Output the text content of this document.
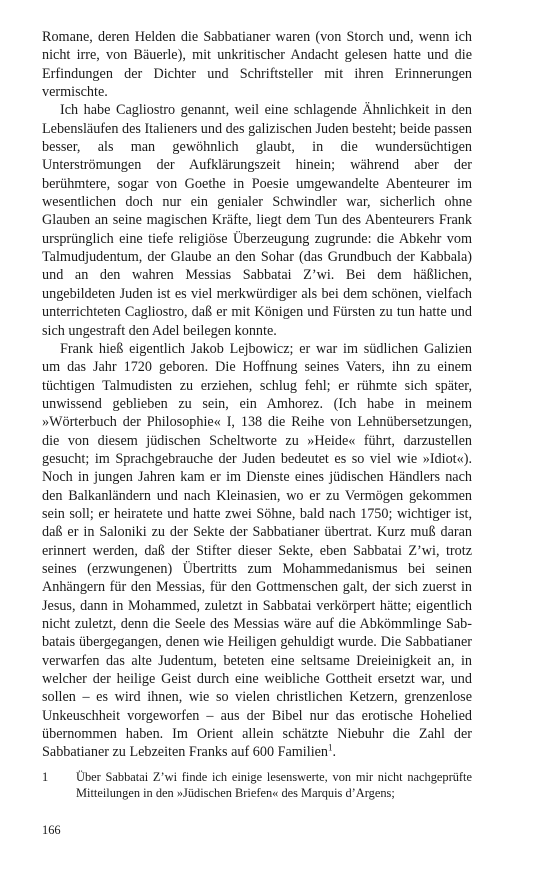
Romane, deren Helden die Sabbatianer waren (von Storch und, wenn ich nicht irre, von Bäuerle), mit unkritischer Andacht gelesen hatte und die Erfindungen der Dichter und Schriftsteller mit ihren Erinnerungen vermischte.

Ich habe Cagliostro genannt, weil eine schlagende Ähnlichkeit in den Lebensläufen des Italieners und des galizischen Juden besteht; beide passen besser, als man gewöhnlich glaubt, in die wundersüchtigen Unterströmungen der Aufklärungszeit hinein; während aber der berühmtere, sogar von Goethe in Poesie umgewandelte Abenteurer im wesentlichen doch nur ein genialer Schwindler war, sicherlich ohne Glauben an seine magischen Kräfte, liegt dem Tun des Abenteurers Frank ursprünglich eine tiefe religiöse Überzeugung zugrunde: die Abkehr vom Talmudjudentum, der Glaube an den Sohar (das Grundbuch der Kabbala) und an den wahren Messias Sabbatai Z’wi. Bei dem häßlichen, ungebildeten Juden ist es viel merkwürdiger als bei dem schönen, vielfach unterrichteten Cagliostro, daß er mit Königen und Fürsten zu tun hatte und sich ungestraft den Adel beilegen konnte.

Frank hieß eigentlich Jakob Lejbowicz; er war im südlichen Galizien um das Jahr 1720 geboren. Die Hoffnung seines Vaters, ihn zu einem tüchtigen Talmudisten zu erziehen, schlug fehl; er rühmte sich später, unwissend geblieben zu sein, ein Amhorez. (Ich habe in meinem »Wörterbuch der Philosophie« I, 138 die Reihe von Lehnübersetzungen, die von diesem jüdischen Scheltworte zu »Heide« führt, darzustellen gesucht; im Sprachgebrauche der Juden bedeutet es so viel wie »Idiot«). Noch in jungen Jahren kam er im Dienste eines jüdischen Händlers nach den Balkanländern und nach Kleinasien, wo er zu Vermögen gekommen sein soll; er heiratete und hatte zwei Söhne, bald nach 1750; wichtiger ist, daß er in Saloniki zu der Sekte der Sabbatianer übertrat. Kurz muß daran erinnert werden, daß der Stifter dieser Sekte, eben Sabbatai Z’wi, trotz seines (erzwungenen) Übertritts zum Mohammedanismus bei seinen Anhängern für den Messias, für den Gottmenschen galt, der sich zuerst in Jesus, dann in Mohammed, zuletzt in Sabbatai verkörpert hätte; eigentlich nicht zuletzt, denn die Seele des Messias wäre auf die Abkömmlinge Sabbatais übergegangen, denen wie Heiligen gehuldigt wurde. Die Sabbatianer verwarfen das alte Judentum, beteten eine seltsame Dreieinigkeit an, in welcher der heilige Geist durch eine weibliche Gottheit ersetzt war, und sollen – es wird ihnen, wie so vielen christlichen Ketzern, grenzenlose Unkeuschheit vorgeworfen – aus der Bibel nur das erotische Hohelied übernommen haben. Im Orient allein schätzte Niebuhr die Zahl der Sabbatianer zu Lebzeiten Franks auf 600 Familien$^1$.

1	Über Sabbatai Z’wi finde ich einige lesenswerte, von mir nicht nachgeprüfte Mitteilungen in den »Jüdischen Briefen« des Marquis d’Argens;
166
